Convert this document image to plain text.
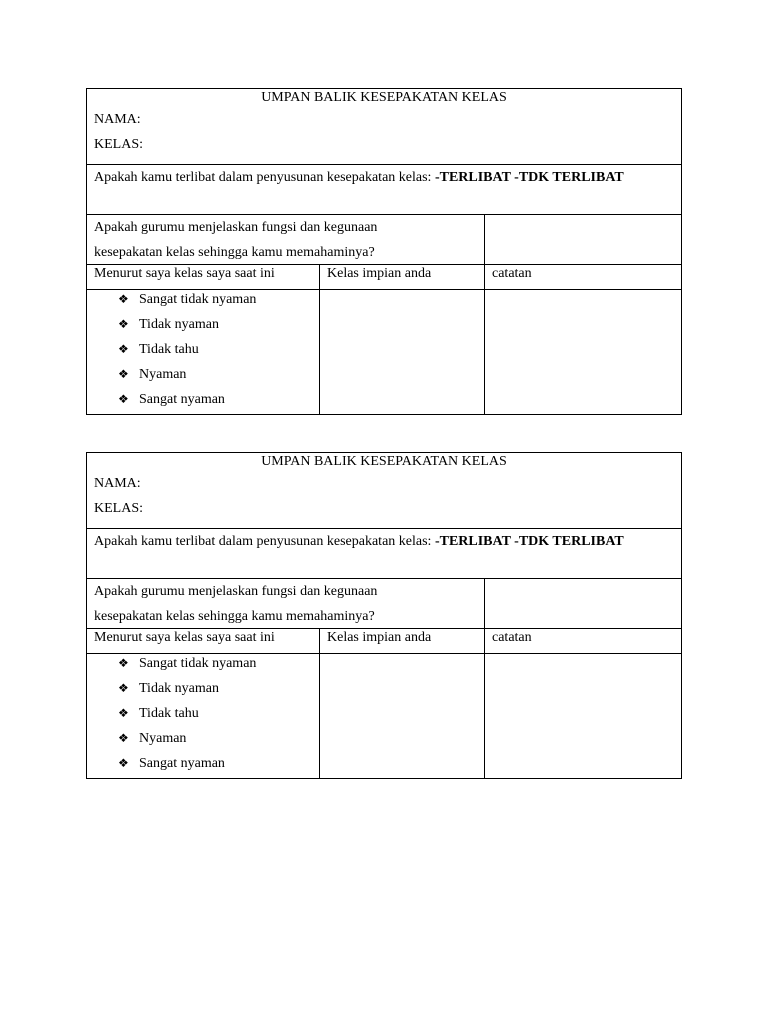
UMPAN BALIK KESEPAKATAN KELAS
NAMA:
KELAS:
Apakah kamu terlibat dalam penyusunan kesepakatan kelas: -TERLIBAT -TDK TERLIBAT
Apakah gurumu menjelaskan fungsi dan kegunaan
kesepakatan kelas sehingga kamu memahaminya?
Menurut saya kelas saya saat ini	Kelas impian anda	catatan
❖ Sangat tidak nyaman
❖ Tidak nyaman
❖ Tidak tahu
❖ Nyaman
❖ Sangat nyaman
UMPAN BALIK KESEPAKATAN KELAS
NAMA:
KELAS:
Apakah kamu terlibat dalam penyusunan kesepakatan kelas: -TERLIBAT -TDK TERLIBAT
Apakah gurumu menjelaskan fungsi dan kegunaan
kesepakatan kelas sehingga kamu memahaminya?
Menurut saya kelas saya saat ini	Kelas impian anda	catatan
❖ Sangat tidak nyaman
❖ Tidak nyaman
❖ Tidak tahu
❖ Nyaman
❖ Sangat nyaman
